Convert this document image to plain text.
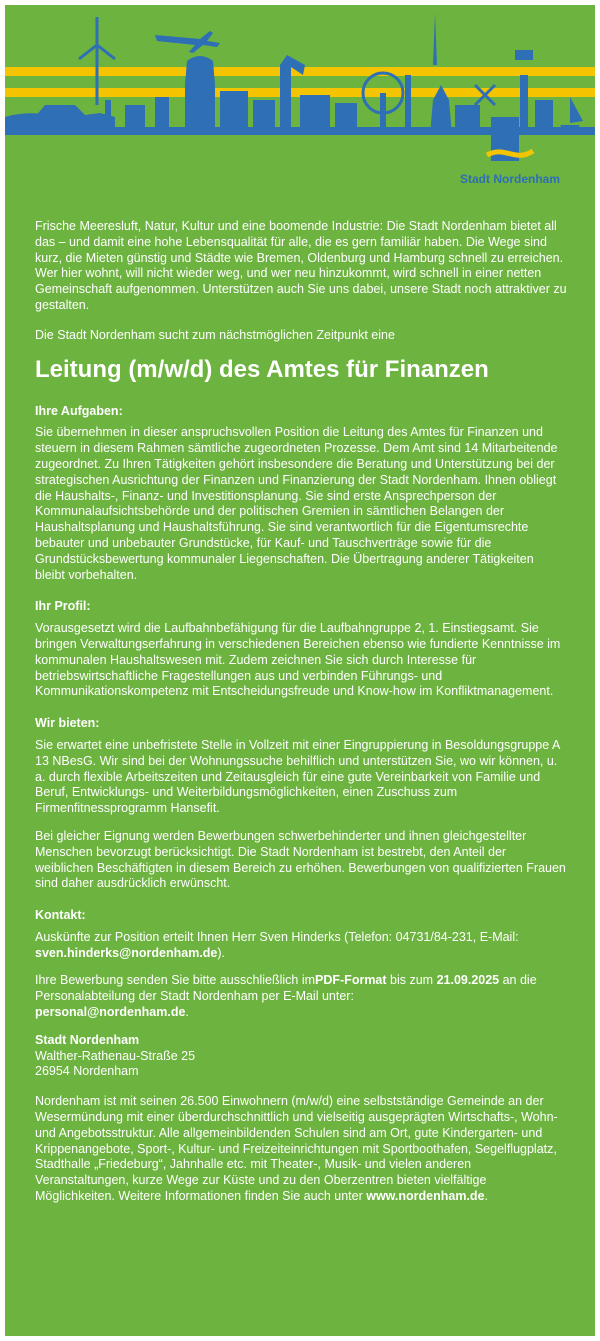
Stadt Nordenham

Frische Meeresluft, Natur, Kultur und eine boomende Industrie: Die Stadt Nordenham bietet all das – und damit eine hohe Lebensqualität für alle, die es gern familiär haben. Die Wege sind kurz, die Mieten günstig und Städte wie Bremen, Oldenburg und Hamburg schnell zu erreichen. Wer hier wohnt, will nicht wieder weg, und wer neu hinzukommt, wird schnell in einer netten Gemeinschaft aufgenommen. Unterstützen auch Sie uns dabei, unsere Stadt noch attraktiver zu gestalten.

Die Stadt Nordenham sucht zum nächstmöglichen Zeitpunkt eine

Leitung (m/w/d) des Amtes für Finanzen
Ihre Aufgaben:

Sie übernehmen in dieser anspruchsvollen Position die Leitung des Amtes für Finanzen und steuern in diesem Rahmen sämtliche zugeordneten Prozesse. Dem Amt sind 14 Mitarbeitende zugeordnet. Zu Ihren Tätigkeiten gehört insbesondere die Beratung und Unterstützung bei der strategischen Ausrichtung der Finanzen und Finanzierung der Stadt Nordenham. Ihnen obliegt die Haushalts-, Finanz- und Investitionsplanung. Sie sind erste Ansprechperson der Kommunalaufsichtsbehörde und der politischen Gremien in sämtlichen Belangen der Haushaltsplanung und Haushaltsführung. Sie sind verantwortlich für die Eigentumsrechte bebauter und unbebauter Grundstücke, für Kauf- und Tauschverträge sowie für die Grundstücksbewertung kommunaler Liegenschaften. Die Übertragung anderer Tätigkeiten bleibt vorbehalten.

Ihr Profil:

Vorausgesetzt wird die Laufbahnbefähigung für die Laufbahngruppe 2, 1. Einstiegsamt. Sie bringen Verwaltungserfahrung in verschiedenen Bereichen ebenso wie fundierte Kenntnisse im kommunalen Haushaltswesen mit. Zudem zeichnen Sie sich durch Interesse für betriebswirtschaftliche Fragestellungen aus und verbinden Führungs- und Kommunikationskompetenz mit Entscheidungsfreude und Know-how im Konfliktmanagement.

Wir bieten:

Sie erwartet eine unbefristete Stelle in Vollzeit mit einer Eingruppierung in Besoldungsgruppe A 13 NBesG. Wir sind bei der Wohnungssuche behilflich und unterstützen Sie, wo wir können, u. a. durch flexible Arbeitszeiten und Zeitausgleich für eine gute Vereinbarkeit von Familie und Beruf, Entwicklungs- und Weiterbildungsmöglichkeiten, einen Zuschuss zum Firmenfitnessprogramm Hansefit.

Bei gleicher Eignung werden Bewerbungen schwerbehinderter und ihnen gleichgestellter Menschen bevorzugt berücksichtigt. Die Stadt Nordenham ist bestrebt, den Anteil der weiblichen Beschäftigten in diesem Bereich zu erhöhen. Bewerbungen von qualifizierten Frauen sind daher ausdrücklich erwünscht.

Kontakt:

Auskünfte zur Position erteilt Ihnen Herr Sven Hinderks (Telefon: 04731/84-231, E-Mail: sven.hinderks@nordenham.de).

Ihre Bewerbung senden Sie bitte ausschließlich imPDF-Format bis zum 21.09.2025 an die Personalabteilung der Stadt Nordenham per E-Mail unter:
personal@nordenham.de.

Stadt Nordenham
Walther-Rathenau-Straße 25
26954 Nordenham

Nordenham ist mit seinen 26.500 Einwohnern (m/w/d) eine selbstständige Gemeinde an der Wesermündung mit einer überdurchschnittlich und vielseitig ausgeprägten Wirtschafts-, Wohn- und Angebotsstruktur. Alle allgemeinbildenden Schulen sind am Ort, gute Kindergarten- und Krippenangebote, Sport-, Kultur- und Freizeiteinrichtungen mit Sportboothafen, Segelflugplatz, Stadthalle „Friedeburg“, Jahnhalle etc. mit Theater-, Musik- und vielen anderen Veranstaltungen, kurze Wege zur Küste und zu den Oberzentren bieten vielfältige Möglichkeiten. Weitere Informationen finden Sie auch unter www.nordenham.de.
